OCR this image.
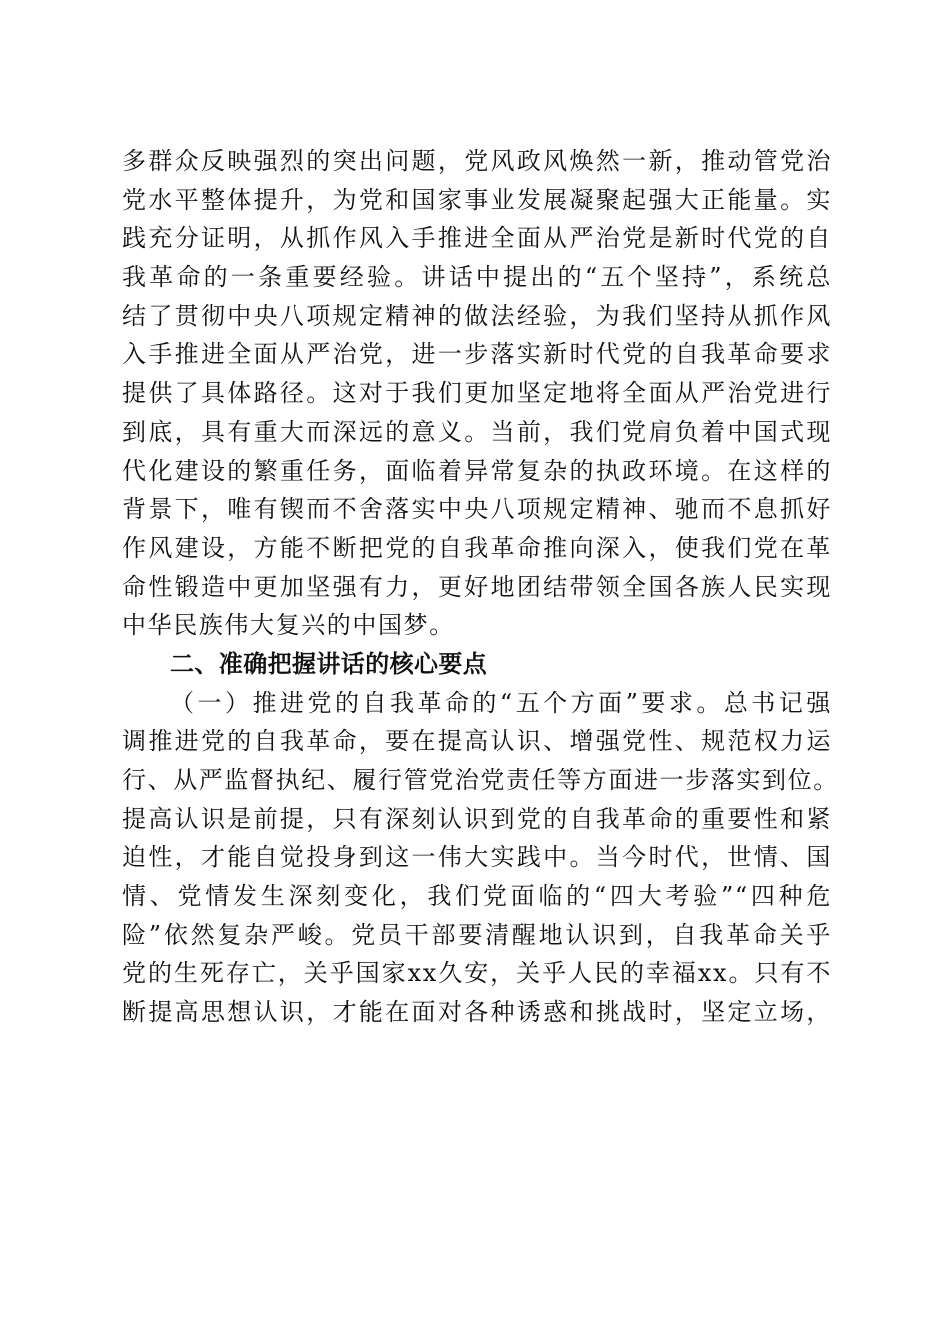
多群众反映强烈的突出问题，党风政风焕然一新，推动管党治
党水平整体提升，为党和国家事业发展凝聚起强大正能量。实
践充分证明，从抓作风入手推进全面从严治党是新时代党的自
我革命的一条重要经验。讲话中提出的“五个坚持”，系统总
结了贯彻中央八项规定精神的做法经验，为我们坚持从抓作风
入手推进全面从严治党，进一步落实新时代党的自我革命要求
提供了具体路径。这对于我们更加坚定地将全面从严治党进行
到底，具有重大而深远的意义。当前，我们党肩负着中国式现
代化建设的繁重任务，面临着异常复杂的执政环境。在这样的
背景下，唯有锲而不舍落实中央八项规定精神、驰而不息抓好
作风建设，方能不断把党的自我革命推向深入，使我们党在革
命性锻造中更加坚强有力，更好地团结带领全国各族人民实现
中华民族伟大复兴的中国梦。
二、准确把握讲话的核心要点
（一）推进党的自我革命的“五个方面”要求。总书记强
调推进党的自我革命，要在提高认识、增强党性、规范权力运
行、从严监督执纪、履行管党治党责任等方面进一步落实到位。
提高认识是前提，只有深刻认识到党的自我革命的重要性和紧
迫性，才能自觉投身到这一伟大实践中。当今时代，世情、国
情、党情发生深刻变化，我们党面临的“四大考验”“四种危
险”依然复杂严峻。党员干部要清醒地认识到，自我革命关乎
党的生死存亡，关乎国家xx久安，关乎人民的幸福xx。只有不
断提高思想认识，才能在面对各种诱惑和挑战时，坚定立场，
